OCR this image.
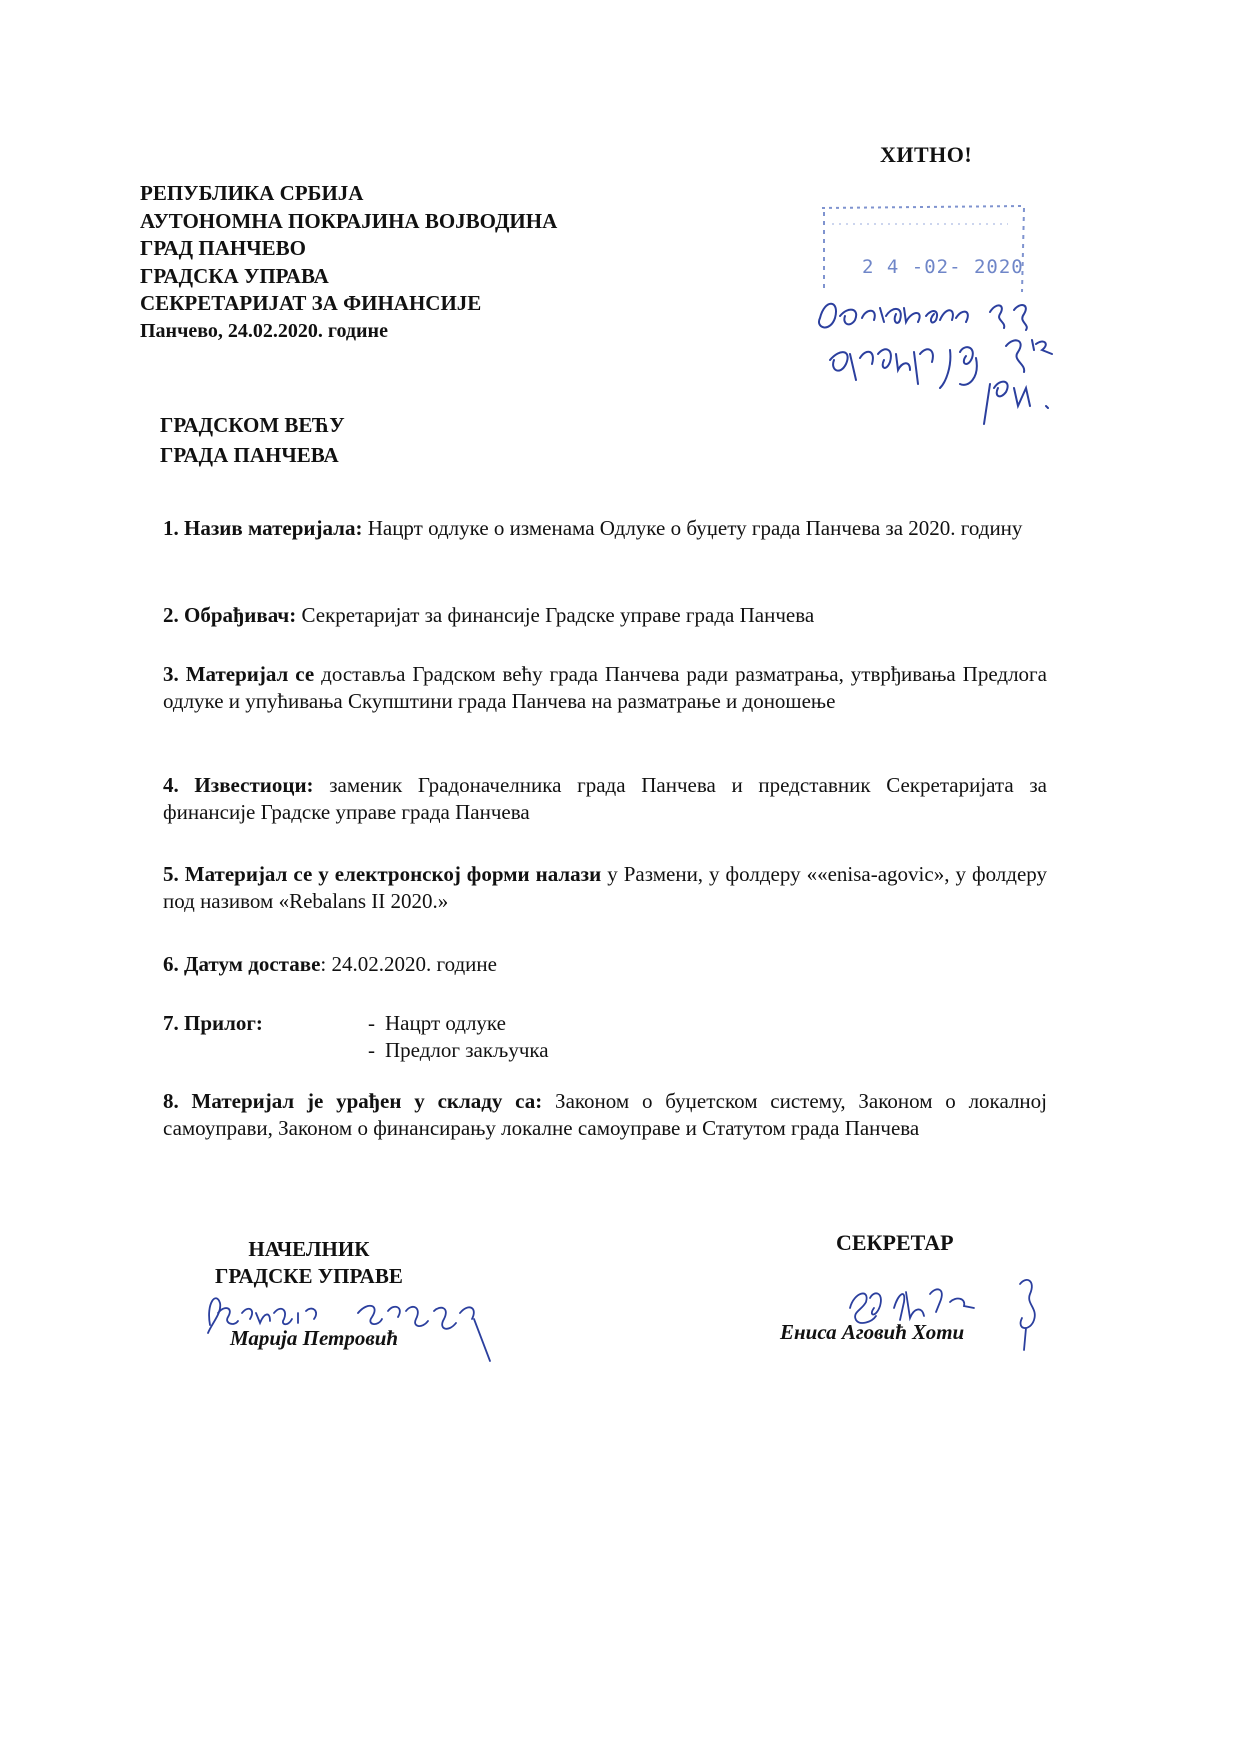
ХИТНО!
РЕПУБЛИКА СРБИЈА
АУТОНОМНА ПОКРАЈИНА ВОЈВОДИНА
ГРАД ПАНЧЕВО
ГРАДСКА УПРАВА
СЕКРЕТАРИЈАТ ЗА ФИНАНСИЈЕ
Панчево, 24.02.2020. године
2 4 -02- 2020
ГРАДСКОМ ВЕЋУ
ГРАДА ПАНЧЕВА
1. Назив материјала: Нацрт одлуке о изменама Одлуке о буџету града Панчева за 2020. годину
2. Обрађивач: Секретаријат за финансије Градске управе града Панчева
3. Материјал се доставља Градском већу града Панчева ради разматрања, утврђивања Предлога одлуке и упућивања Скупштини града Панчева на разматрање и доношење
4. Известиоци: заменик Градоначелника града Панчева и представник Секретаријата за финансије Градске управе града Панчева
5. Материјал се у електронској форми налази у Размени, у фолдеру ««enisa-agovic», у фолдеру под називом «Rebalans II 2020.»
6. Датум доставе: 24.02.2020. године
7. Прилог:	- Нацрт одлуке
- Предлог закључка
8. Материјал је урађен у складу са: Законом о буџетском систему, Законом о локалној самоуправи, Законом о финансирању локалне самоуправе и Статутом града Панчева
НАЧЕЛНИК
ГРАДСКЕ УПРАВЕ
Марија Петровић
СЕКРЕТАР
Ениса Аговић Хоти
